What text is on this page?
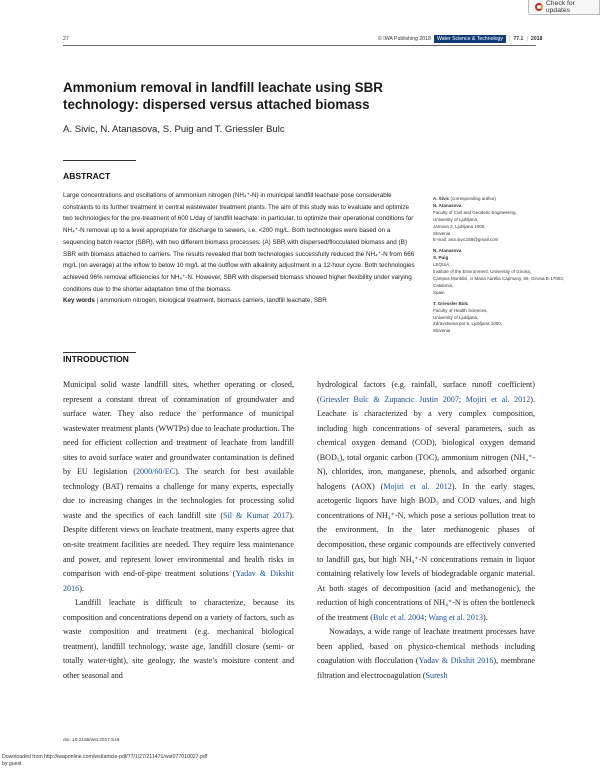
27	© IWA Publishing 2018	Water Science & Technology	| 77.1 | 2018
Check for updates
Ammonium removal in landfill leachate using SBR technology: dispersed versus attached biomass
A. Sivic, N. Atanasova, S. Puig and T. Griessler Bulc
ABSTRACT

Large concentrations and oscillations of ammonium nitrogen (NH₄⁺-N) in municipal landfill leachate pose considerable constraints to its further treatment in central wastewater treatment plants. The aim of this study was to evaluate and optimize two technologies for the pre-treatment of 600 L/day of landfill leachate: in particular, to optimize their operational conditions for NH₄⁺-N removal up to a level appropriate for discharge to sewers, i.e. <200 mg/L. Both technologies were based on a sequencing batch reactor (SBR), with two different biomass processes: (A) SBR with dispersed/flocculated biomass and (B) SBR with biomass attached to carriers. The results revealed that both technologies successfully reduced the NH₄⁺-N from 666 mg/L (on average) at the inflow to below 10 mg/L at the outflow with alkalinity adjustment in a 12-hour cycle. Both technologies achieved 96% removal efficiencies for NH₄⁺-N. However, SBR with dispersed biomass showed higher flexibility under varying conditions due to the shorter adaptation time of the biomass.

Key words | ammonium nitrogen, biological treatment, biomass carriers, landfill leachate, SBR

A. Sivic (corresponding author)
N. Atanasova
Faculty of Civil and Geodetic Engineering,
University of Ljubljana,
Jamova 2, Ljubljana 1000,
Slovenia
E-mail: ana.sivic158@gmail.com
N. Atanasova
S. Puig
LEQUiA,
Institute of the Environment, University of Girona,
Campus Montilivi, c/ Maria Aurèlia Capmany, 69, Girona E-17003,
Catalonia,
Spain
T. Griessler Bulc
Faculty of Health Sciences,
University of Ljubljana,
Zdravstvena pot 5, Ljubljana 1000,
Slovenia
INTRODUCTION

Municipal solid waste landfill sites, whether operating or closed, represent a constant threat of contamination of groundwater and surface water. They also reduce the performance of municipal wastewater treatment plants (WWTPs) due to leachate production. The need for efficient collection and treatment of leachate from landfill sites to avoid surface water and groundwater contamination is defined by EU legislation (2000/60/EC). The search for best available technology (BAT) remains a challenge for many experts, especially due to increasing changes in the technologies for processing solid waste and the specifics of each landfill site (Sil & Kumar 2017). Despite different views on leachate treatment, many experts agree that on-site treatment facilities are needed. They require less maintenance and power, and represent lower environmental and health risks in comparison with end-of-pipe treatment solutions (Yadav & Dikshit 2016).

Landfill leachate is difficult to characterize, because its composition and concentrations depend on a variety of factors, such as waste composition and treatment (e.g. mechanical biological treatment), landfill technology, waste age, landfill closure (semi- or totally water-tight), site geology, the waste’s moisture content and other seasonal and

hydrological factors (e.g. rainfall, surface runoff coefficient) (Griessler Bulc & Zupancic Justin 2007; Mojiri et al. 2012). Leachate is characterized by a very complex composition, including high concentrations of several parameters, such as chemical oxygen demand (COD), biological oxygen demand (BOD₅), total organic carbon (TOC), ammonium nitrogen (NH₄⁺-N), chlorides, iron, manganese, phenols, and adsorbed organic halogens (AOX) (Mojiri et al. 2012). In the early stages, acetogenic liquors have high BOD₅ and COD values, and high concentrations of NH₄⁺-N, which pose a serious pollution treat to the environment. In the later methanogenic phases of decomposition, these organic compounds are effectively converted to landfill gas, but high NH₄⁺-N concentrations remain in liquor containing relatively low levels of biodegradable organic material. At both stages of decomposition (acid and methanogenic), the reduction of high concentrations of NH₄⁺-N is often the bottleneck of the treatment (Bulc et al. 2004; Wang et al. 2013).

Nowadays, a wide range of leachate treatment processes have been applied, based on physico-chemical methods including coagulation with flocculation (Yadav & Dikshit 2016), membrane filtration and electrocoagulation (Suresh

doi: 10.2166/wst.2017.519
Downloaded from http://iwaponline.com/wst/article-pdf/77/1/27/211471/wst077010027.pdf
by guest
